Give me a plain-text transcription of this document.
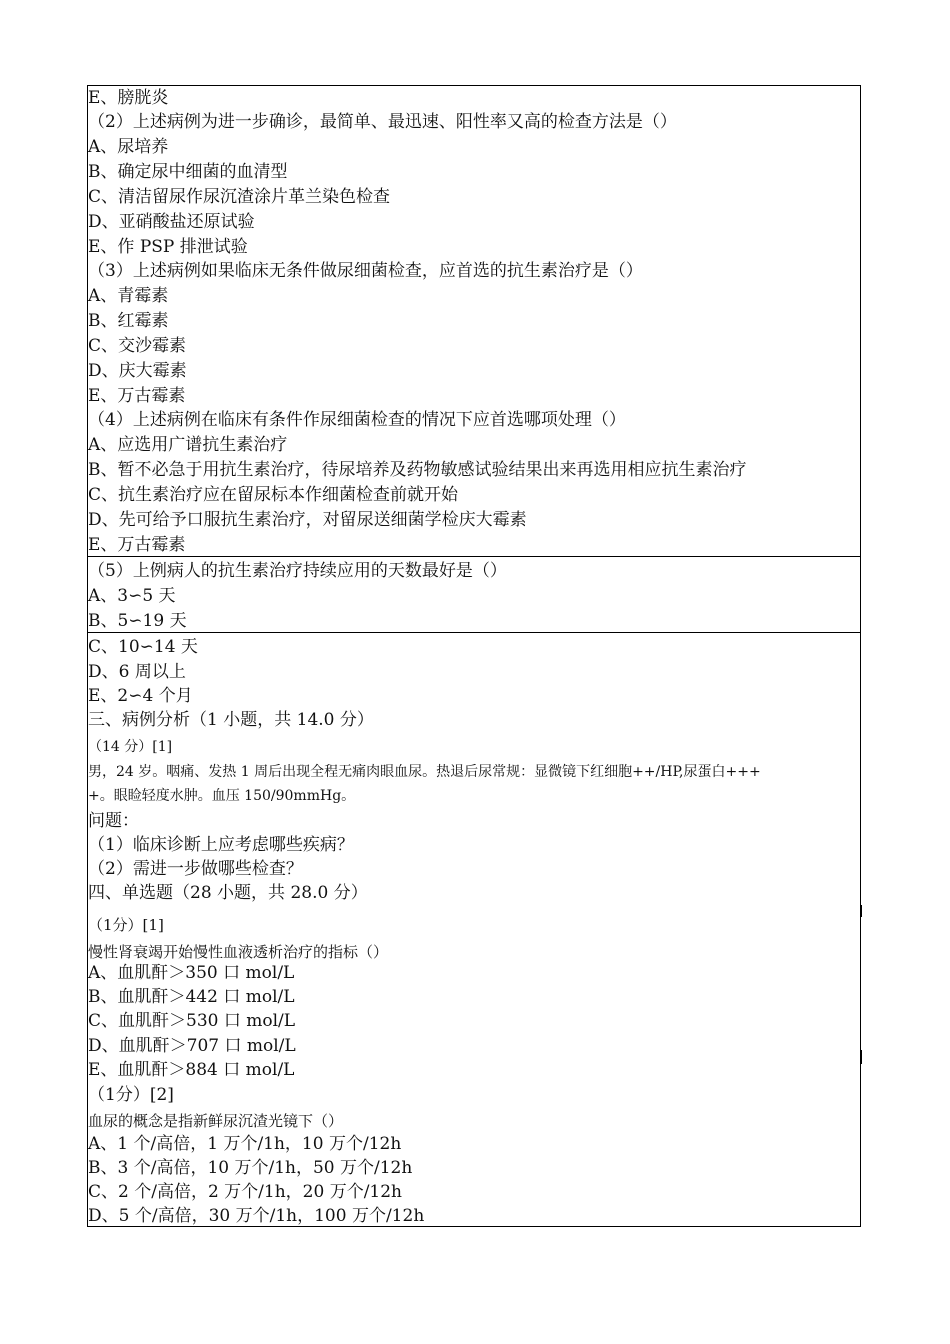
E、膀胱炎
（2）上述病例为进一步确诊，最简单、最迅速、阳性率又高的检查方法是（）
A、尿培养
B、确定尿中细菌的血清型
C、清洁留尿作尿沉渣涂片革兰染色检查
D、亚硝酸盐还原试验
E、作 PSP 排泄试验
（3）上述病例如果临床无条件做尿细菌检查，应首选的抗生素治疗是（）
A、青霉素
B、红霉素
C、交沙霉素
D、庆大霉素
E、万古霉素
（4）上述病例在临床有条件作尿细菌检查的情况下应首选哪项处理（）
A、应选用广谱抗生素治疗
B、暂不必急于用抗生素治疗，待尿培养及药物敏感试验结果出来再选用相应抗生素治疗
C、抗生素治疗应在留尿标本作细菌检查前就开始
D、先可给予口服抗生素治疗，对留尿送细菌学检庆大霉素
E、万古霉素
（5）上例病人的抗生素治疗持续应用的天数最好是（）
A、3∽5 天
B、5∽19 天
C、10∽14 天
D、6 周以上
E、2∽4 个月
三、病例分析（1 小题，共 14.0 分）
（14 分）[1]
男，24 岁。咽痛、发热 1 周后出现全程无痛肉眼血尿。热退后尿常规：显微镜下红细胞++/HP,尿蛋白+++
+。眼睑轻度水肿。血压 150/90mmHg。
问题：
（1）临床诊断上应考虑哪些疾病？
（2）需进一步做哪些检查？
四、单选题（28 小题，共 28.0 分）
（1分）[1]
慢性肾衰竭开始慢性血液透析治疗的指标（）
A、血肌酐＞350 口 mol/L
B、血肌酐＞442 口 mol/L
C、血肌酐＞530 口 mol/L
D、血肌酐＞707 口 mol/L
E、血肌酐＞884 口 mol/L
（1分）[2]
血尿的概念是指新鲜尿沉渣光镜下（）
A、1 个/高倍，1 万个/1h，10 万个/12h
B、3 个/高倍，10 万个/1h，50 万个/12h
C、2 个/高倍，2 万个/1h，20 万个/12h
D、5 个/高倍，30 万个/1h，100 万个/12h
